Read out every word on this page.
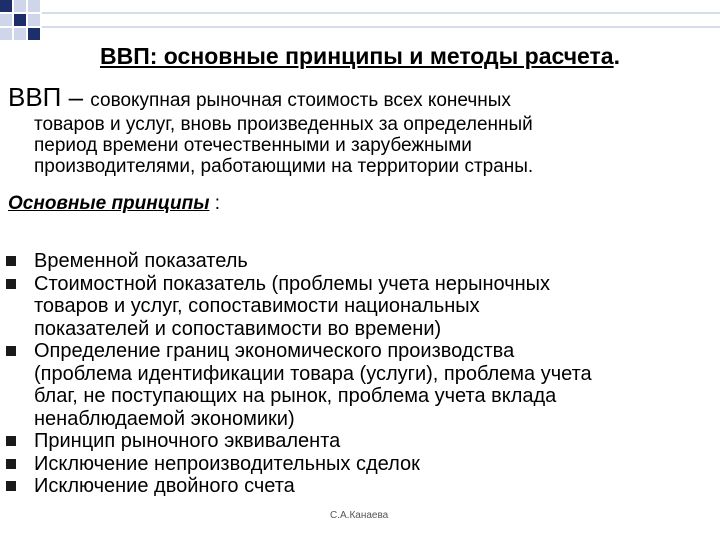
ВВП: основные принципы и методы расчета.
ВВП – совокупная рыночная стоимость всех конечных
товаров и услуг, вновь произведенных за определенный
период времени отечественными и зарубежными
производителями, работающими на территории страны.
Основные принципы :
Временной показатель
Стоимостной показатель (проблемы учета нерыночных
товаров и услуг, сопоставимости национальных
показателей и сопоставимости во времени)
Определение границ экономического производства
(проблема идентификации товара (услуги), проблема учета
благ, не поступающих на рынок, проблема учета вклада
ненаблюдаемой экономики)
Принцип рыночного эквивалента
Исключение непроизводительных сделок
Исключение двойного счета
С.А.Канаева
